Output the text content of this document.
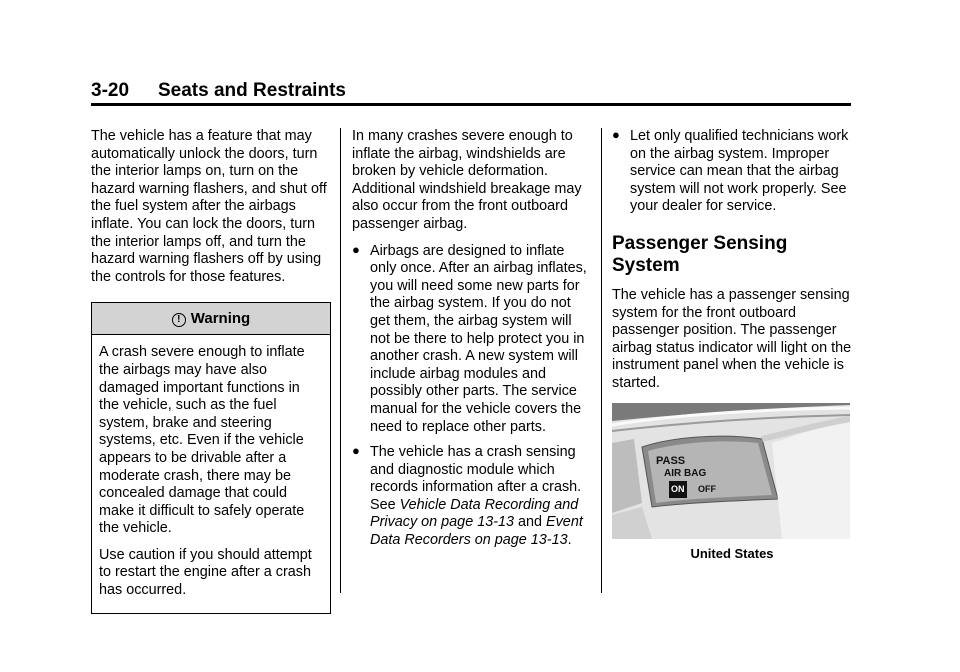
3-20 Seats and Restraints

The vehicle has a feature that may automatically unlock the doors, turn the interior lamps on, turn on the hazard warning flashers, and shut off the fuel system after the airbags inflate. You can lock the doors, turn the interior lamps off, and turn the hazard warning flashers off by using the controls for those features.

! Warning

A crash severe enough to inflate the airbags may have also damaged important functions in the vehicle, such as the fuel system, brake and steering systems, etc. Even if the vehicle appears to be drivable after a moderate crash, there may be concealed damage that could make it difficult to safely operate the vehicle.

Use caution if you should attempt to restart the engine after a crash has occurred.

In many crashes severe enough to inflate the airbag, windshields are broken by vehicle deformation. Additional windshield breakage may also occur from the front outboard passenger airbag.

● Airbags are designed to inflate only once. After an airbag inflates, you will need some new parts for the airbag system. If you do not get them, the airbag system will not be there to help protect you in another crash. A new system will include airbag modules and possibly other parts. The service manual for the vehicle covers the need to replace other parts.
● The vehicle has a crash sensing and diagnostic module which records information after a crash. See Vehicle Data Recording and Privacy on page 13-13 and Event Data Recorders on page 13-13.
● Let only qualified technicians work on the airbag system. Improper service can mean that the airbag system will not work properly. See your dealer for service.
Passenger Sensing System

The vehicle has a passenger sensing system for the front outboard passenger position. The passenger airbag status indicator will light on the instrument panel when the vehicle is started.

PASS
AIR BAG
ON OFF
United States
